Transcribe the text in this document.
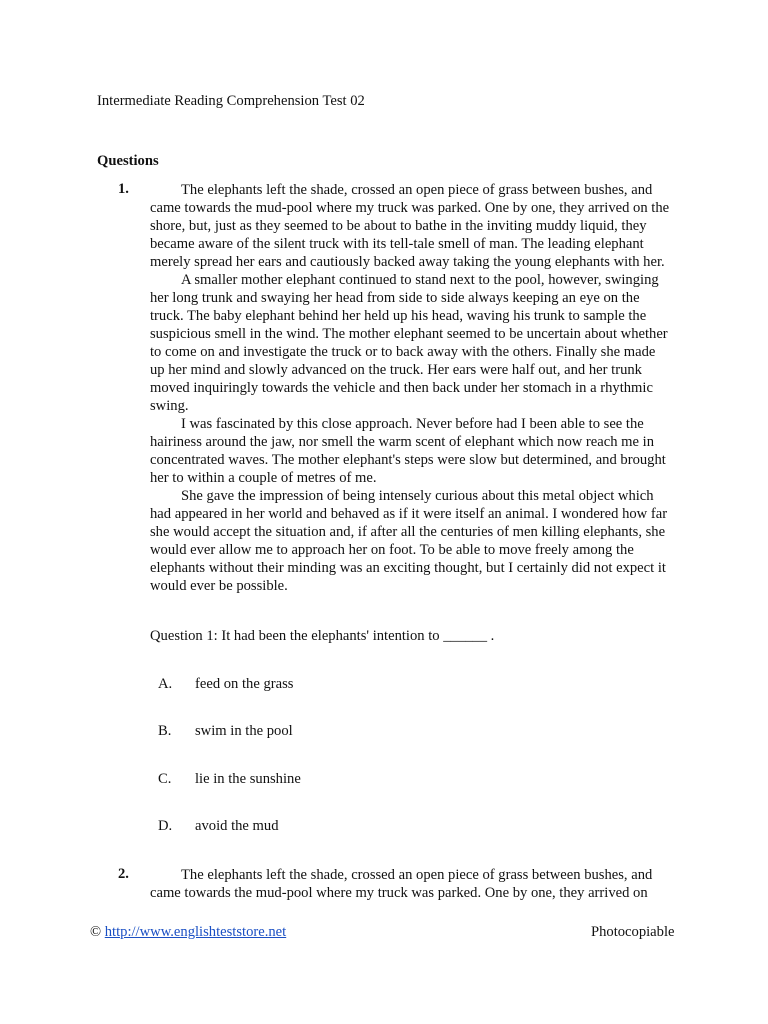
Intermediate Reading Comprehension Test 02
Questions
1.	The elephants left the shade, crossed an open piece of grass between bushes, and came towards the mud-pool where my truck was parked. One by one, they arrived on the shore, but, just as they seemed to be about to bathe in the inviting muddy liquid, they became aware of the silent truck with its tell-tale smell of man. The leading elephant merely spread her ears and cautiously backed away taking the young elephants with her.

A smaller mother elephant continued to stand next to the pool, however, swinging her long trunk and swaying her head from side to side always keeping an eye on the truck. The baby elephant behind her held up his head, waving his trunk to sample the suspicious smell in the wind. The mother elephant seemed to be uncertain about whether to come on and investigate the truck or to back away with the others. Finally she made up her mind and slowly advanced on the truck. Her ears were half out, and her trunk moved inquiringly towards the vehicle and then back under her stomach in a rhythmic swing.

I was fascinated by this close approach. Never before had I been able to see the hairiness around the jaw, nor smell the warm scent of elephant which now reach me in concentrated waves. The mother elephant's steps were slow but determined, and brought her to within a couple of metres of me.

She gave the impression of being intensely curious about this metal object which had appeared in her world and behaved as if it were itself an animal. I wondered how far she would accept the situation and, if after all the centuries of men killing elephants, she would ever allow me to approach her on foot. To be able to move freely among the elephants without their minding was an exciting thought, but I certainly did not expect it would ever be possible.

Question 1: It had been the elephants' intention to ______ .
A. feed on the grass
B. swim in the pool
C. lie in the sunshine
D. avoid the mud
2.	The elephants left the shade, crossed an open piece of grass between bushes, and came towards the mud-pool where my truck was parked. One by one, they arrived on

© http://www.englishteststore.net	Photocopiable
